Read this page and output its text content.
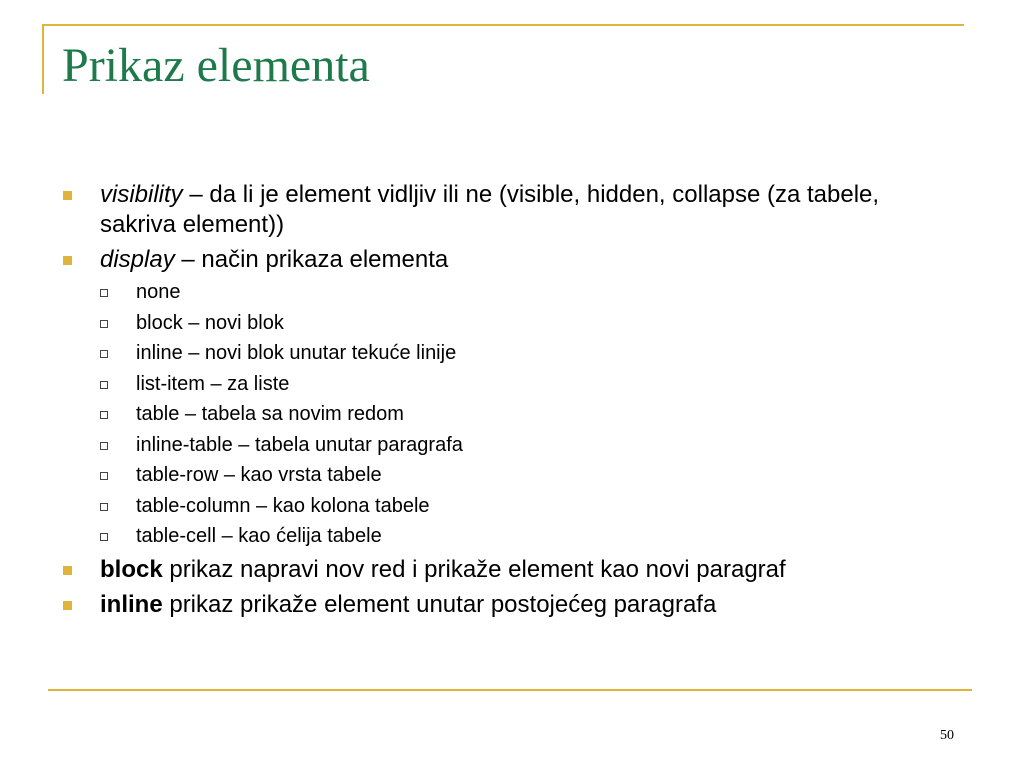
Prikaz elementa
visibility – da li je element vidljiv ili ne (visible, hidden, collapse (za tabele, sakriva element))
display – način prikaza elementa
none
block – novi blok
inline – novi blok unutar tekuće linije
list-item – za liste
table – tabela sa novim redom
inline-table – tabela unutar paragrafa
table-row – kao vrsta tabele
table-column – kao kolona tabele
table-cell – kao ćelija tabele
block prikaz napravi nov red i prikaže element kao novi paragraf
inline prikaz prikaže element unutar postojećeg paragrafa
50
